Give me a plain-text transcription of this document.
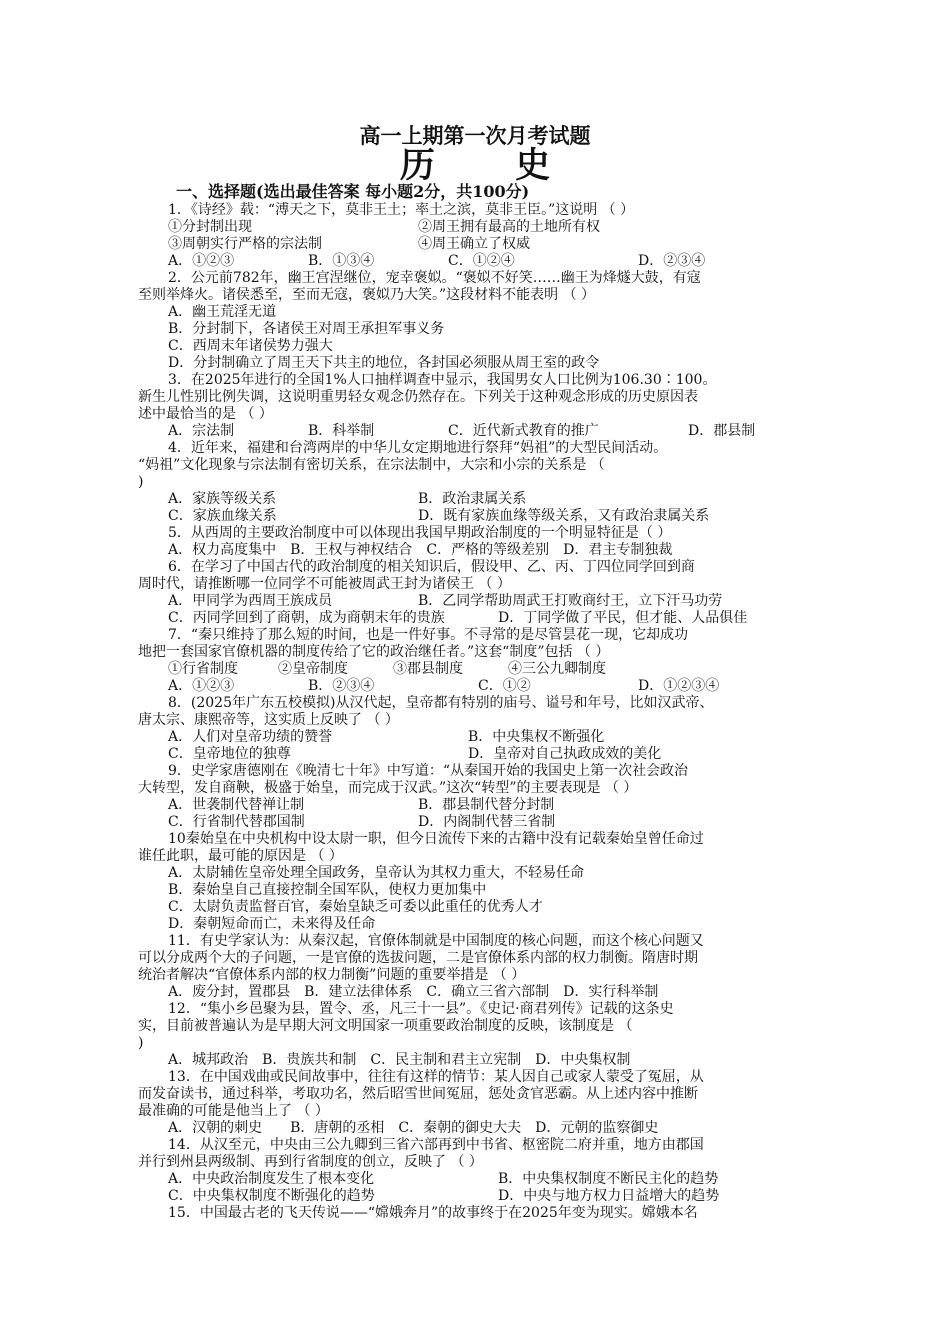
高一上期第一次月考试题
历 史
一、选择题(选出最佳答案 每小题2分，共100分)
1．《诗经》载：“溥天之下，莫非王土；率土之滨，莫非王臣。”这说明 （ ）
①分封制出现	②周王拥有最高的土地所有权
③周朝实行严格的宗法制	④周王确立了权威
A．①②③	B．①③④	C．①②④	D．②③④
2．公元前782年，幽王宫涅继位，宠幸褒姒。“褒姒不好笑……幽王为烽燧大鼓，有寇
至则举烽火。诸侯悉至，至而无寇，褒姒乃大笑。”这段材料不能表明 （ ）
A．幽王荒淫无道
B．分封制下，各诸侯王对周王承担军事义务
C．西周末年诸侯势力强大
D．分封制确立了周王天下共主的地位，各封国必须服从周王室的政令
3．在2025年进行的全国1%人口抽样调查中显示，我国男女人口比例为106.30∶100。
新生儿性别比例失调，这说明重男轻女观念仍然存在。下列关于这种观念形成的历史原因表
述中最恰当的是 （ ）
A．宗法制	B．科举制	C．近代新式教育的推广	D．郡县制
4．近年来，福建和台湾两岸的中华儿女定期地进行祭拜“妈祖”的大型民间活动。
“妈祖”文化现象与宗法制有密切关系，在宗法制中，大宗和小宗的关系是 （
)
A．家族等级关系	B．政治隶属关系
C．家族血缘关系	D．既有家族血缘等级关系，又有政治隶属关系
5．从西周的主要政治制度中可以体现出我国早期政治制度的一个明显特征是（ ）
A．权力高度集中　B．王权与神权结合　C．严格的等级差别　D．君主专制独裁
6．在学习了中国古代的政治制度的相关知识后，假设甲、乙、丙、丁四位同学回到商
周时代，请推断哪一位同学不可能被周武王封为诸侯王 （ ）
A．甲同学为西周王族成员	B．乙同学帮助周武王打败商纣王，立下汗马功劳
C．丙同学回到了商朝，成为商朝末年的贵族	D．丁同学做了平民，但才能、人品俱佳
7．“秦只维持了那么短的时间，也是一件好事。不寻常的是尽管昙花一现，它却成功
地把一套国家官僚机器的制度传给了它的政治继任者。”这套“制度”包括 （ ）
①行省制度	②皇帝制度	③郡县制度	④三公九卿制度
A．①②③	B．②③④	C．①②	D．①②③④
8．(2025年广东五校模拟)从汉代起，皇帝都有特别的庙号、谥号和年号，比如汉武帝、
唐太宗、康熙帝等，这实质上反映了 （ ）
A．人们对皇帝功绩的赞誉	B．中央集权不断强化
C．皇帝地位的独尊	D．皇帝对自己执政成效的美化
9．史学家唐德刚在《晚清七十年》中写道：“从秦国开始的我国史上第一次社会政治
大转型，发自商鞅，极盛于始皇，而完成于汉武。”这次“转型”的主要表现是 （ ）
A．世袭制代替禅让制	B．郡县制代替分封制
C．行省制代替郡国制	D．内阁制代替三省制
10秦始皇在中央机构中设太尉一职，但今日流传下来的古籍中没有记载秦始皇曾任命过
谁任此职，最可能的原因是 （ ）
A．太尉辅佐皇帝处理全国政务，皇帝认为其权力重大，不轻易任命
B．秦始皇自己直接控制全国军队，使权力更加集中
C．太尉负责监督百官，秦始皇缺乏可委以此重任的优秀人才
D．秦朝短命而亡，未来得及任命
11．有史学家认为：从秦汉起，官僚体制就是中国制度的核心问题，而这个核心问题又
可以分成两个大的子问题，一是官僚的选拔问题，二是官僚体系内部的权力制衡。隋唐时期
统治者解决“官僚体系内部的权力制衡”问题的重要举措是 （ ）
A．废分封，置郡县　B．建立法律体系　C．确立三省六部制　D．实行科举制
12．“集小乡邑聚为县，置令、丞，凡三十一县”。《史记·商君列传》记载的这条史
实，目前被普遍认为是早期大河文明国家一项重要政治制度的反映，该制度是 （
)
A．城邦政治　B．贵族共和制　C．民主制和君主立宪制　D．中央集权制
13．在中国戏曲或民间故事中，往往有这样的情节：某人因自己或家人蒙受了冤屈，从
而发奋读书，通过科举，考取功名，然后昭雪世间冤屈，惩处贪官恶霸。从上述内容中推断
最准确的可能是他当上了 （ ）
A．汉朝的刺史　　B．唐朝的丞相　C．秦朝的御史大夫　D．元朝的监察御史
14．从汉至元，中央由三公九卿到三省六部再到中书省、枢密院二府并重，地方由郡国
并行到州县两级制、再到行省制度的创立，反映了 （ ）
A．中央政治制度发生了根本变化	B．中央集权制度不断民主化的趋势
C．中央集权制度不断强化的趋势	D．中央与地方权力日益增大的趋势
15．中国最古老的飞天传说——“嫦娥奔月”的故事终于在2025年变为现实。嫦娥本名
